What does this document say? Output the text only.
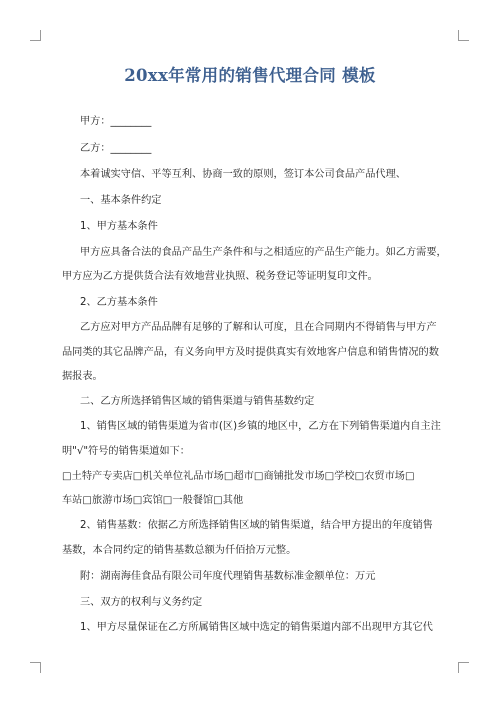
20xx年常用的销售代理合同 模板
甲方：________
乙方：________
本着诚实守信、平等互利、协商一致的原则，签订本公司食品产品代理、
一、基本条件约定
1、甲方基本条件
甲方应具备合法的食品产品生产条件和与之相适应的产品生产能力。如乙方需要，
甲方应为乙方提供货合法有效地营业执照、税务登记等证明复印文件。
2、乙方基本条件
乙方应对甲方产品品牌有足够的了解和认可度，且在合同期内不得销售与甲方产
品同类的其它品牌产品，有义务向甲方及时提供真实有效地客户信息和销售情况的数
据报表。
二、乙方所选择销售区域的销售渠道与销售基数约定
1、销售区域的销售渠道为省市(区)乡镇的地区中，乙方在下列销售渠道内自主注
明"√"符号的销售渠道如下：
□土特产专卖店□机关单位礼品市场□超市□商铺批发市场□学校□农贸市场□
车站□旅游市场□宾馆□一般餐馆□其他
2、销售基数：依据乙方所选择销售区域的销售渠道，结合甲方提出的年度销售
基数，本合同约定的销售基数总额为仟佰拾万元整。
附：湖南海佳食品有限公司年度代理销售基数标准金额单位：万元
三、双方的权利与义务约定
1、甲方尽量保证在乙方所属销售区域中选定的销售渠道内部不出现甲方其它代
